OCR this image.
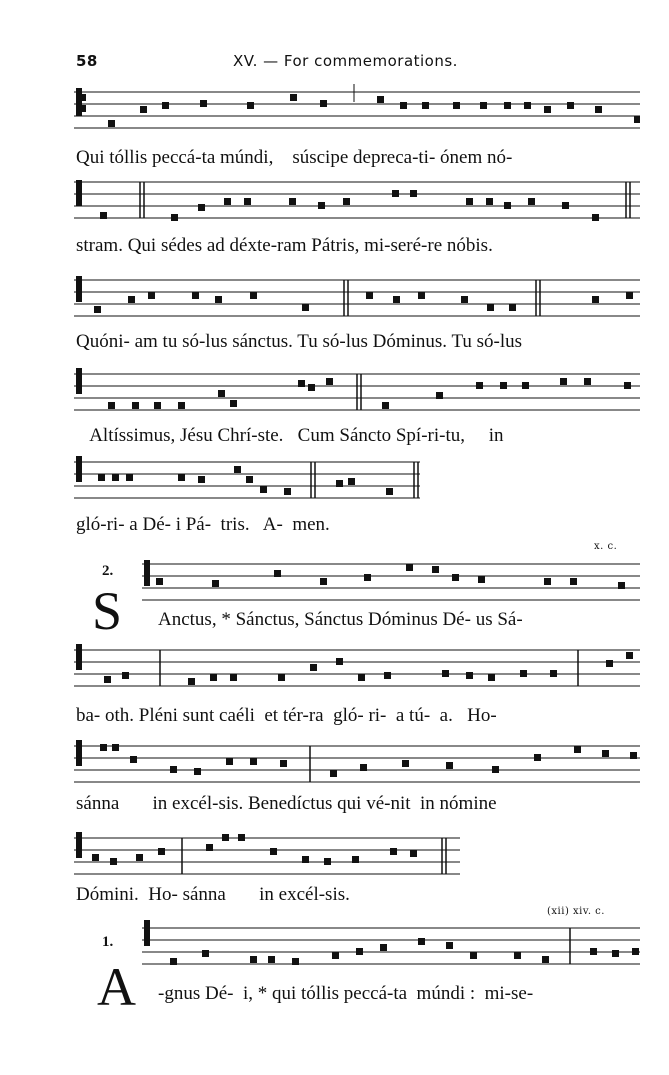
58	XV. — For commemorations.
Qui tóllis peccá-ta múndi,    súscipe depreca-ti- ónem nó-
stram. Qui sédes ad déxte-ram Pátris, mi-seré-re nóbis.
Quóni- am tu só-lus sánctus. Tu só-lus Dóminus. Tu só-lus
Altíssimus, Jésu Chrí-ste.   Cum Sáncto Spí-ri-tu,     in
gló-ri- a Dé- i Pá-  tris.   A-  men.
x. c.
2.
S Anctus, * Sánctus, Sánctus Dóminus Dé- us Sá-
ba- oth. Pléni sunt caéli  et tér-ra  gló- ri-  a tú-  a.   Ho-
sánna       in excél-sis. Benedíctus qui vé-nit  in nómine
Dómini.  Ho- sánna       in excél-sis.
(xii) xiv. c.
1.
A -gnus Dé-  i, * qui tóllis peccá-ta  múndi :  mi-se-
